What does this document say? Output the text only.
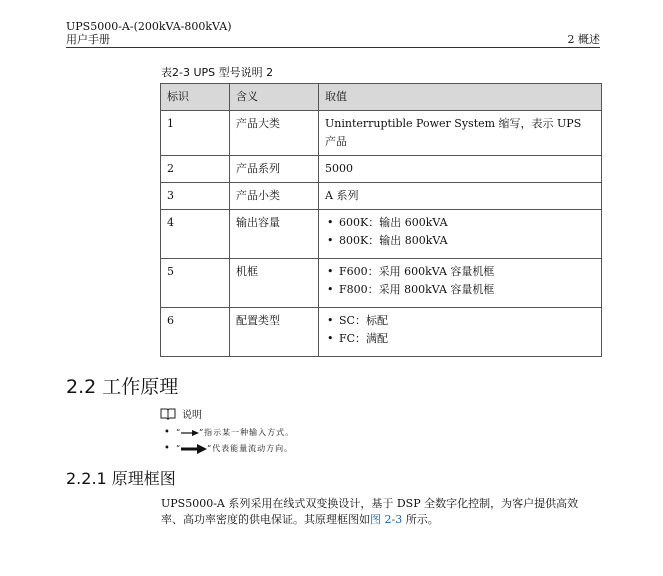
UPS5000-A-(200kVA-800kVA)
用户手册	2 概述
表2-3 UPS 型号说明 2
标识	含义	取值
1	产品大类	Uninterruptible Power System 缩写，表示 UPS 产品
2	产品系列	5000
3	产品小类	A 系列
4	输出容量	• 600K：输出 600kVA
• 800K：输出 800kVA

5	机框	• F600：采用 600kVA 容量机框
• F800：采用 800kVA 容量机框

6	配置类型	• SC：标配
• FC：满配
2.2 工作原理
说明
• “ ”指示某一种输入方式。
• “	”代表能量流动方向。
2.2.1 原理框图

UPS5000-A 系列采用在线式双变换设计，基于 DSP 全数字化控制，为客户提供高效率、高功率密度的供电保证。其原理框图如图 2-3 所示。
